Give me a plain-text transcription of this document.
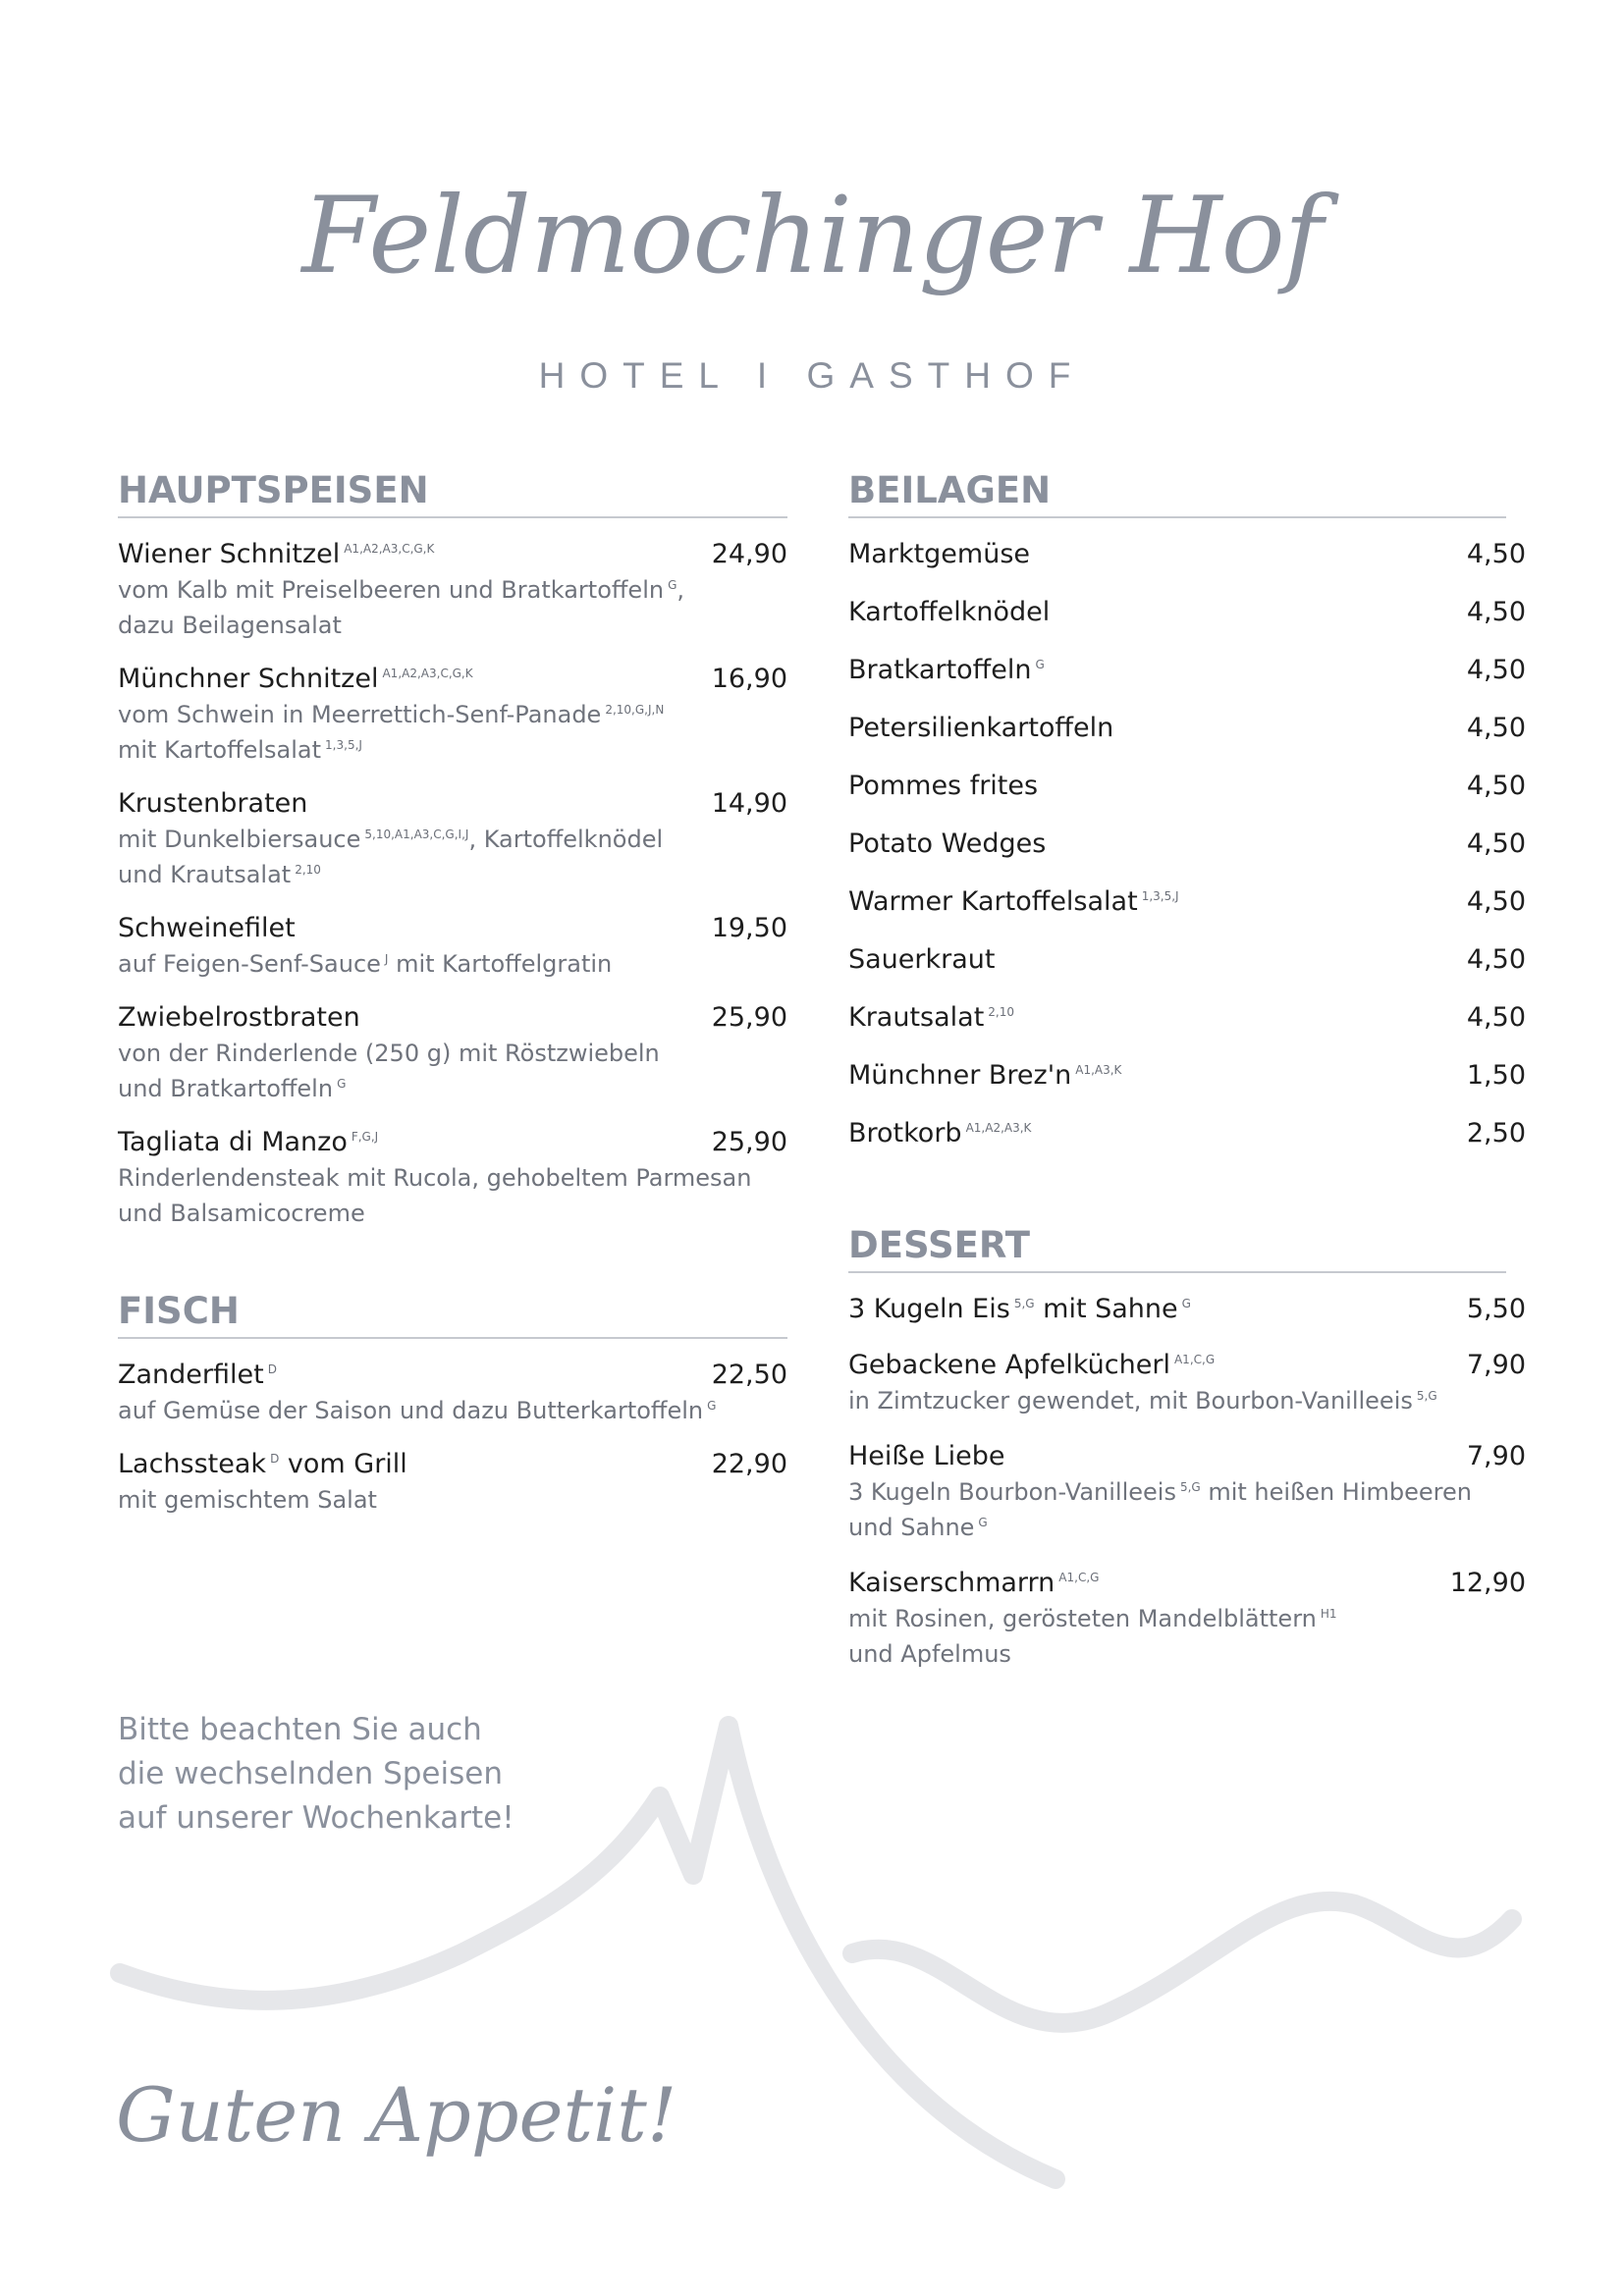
Feldmochinger Hof
HOTEL I GASTHOF
HAUPTSPEISEN
Wiener Schnitzel $^{A1,A2,A3,C,G,K}$	24,90
vom Kalb mit Preiselbeeren und Bratkartoffeln $^G$,
dazu Beilagensalat
Münchner Schnitzel $^{A1,A2,A3,C,G,K}$	16,90
vom Schwein in Meerrettich-Senf-Panade $^{2,10,G,J,N}$
mit Kartoffelsalat $^{1,3,5,J}$
Krustenbraten	14,90
mit Dunkelbiersauce $^{5,10,A1,A3,C,G,I,J}$, Kartoffelknödel
und Krautsalat $^{2,10}$
Schweinefilet	19,50
auf Feigen-Senf-Sauce $^J$ mit Kartoffelgratin
Zwiebelrostbraten	25,90
von der Rinderlende (250 g) mit Röstzwiebeln
und Bratkartoffeln $^G$
Tagliata di Manzo $^{F,G,J}$	25,90
Rinderlendensteak mit Rucola, gehobeltem Parmesan
und Balsamicocreme
FISCH
Zanderfilet $^D$	22,50
auf Gemüse der Saison und dazu Butterkartoffeln $^G$
Lachssteak $^D$ vom Grill	22,90
mit gemischtem Salat
BEILAGEN
Marktgemüse	4,50
Kartoffelknödel	4,50
Bratkartoffeln $^G$	4,50
Petersilienkartoffeln	4,50
Pommes frites	4,50
Potato Wedges	4,50
Warmer Kartoffelsalat $^{1,3,5,J}$	4,50
Sauerkraut	4,50
Krautsalat $^{2,10}$	4,50
Münchner Brez'n $^{A1,A3,K}$	1,50
Brotkorb $^{A1,A2,A3,K}$	2,50
DESSERT
3 Kugeln Eis $^{5,G}$ mit Sahne $^G$	5,50
Gebackene Apfelkücherl $^{A1,C,G}$	7,90
in Zimtzucker gewendet, mit Bourbon-Vanilleeis $^{5,G}$
Heiße Liebe	7,90
3 Kugeln Bourbon-Vanilleeis $^{5,G}$ mit heißen Himbeeren
und Sahne $^G$
Kaiserschmarrn $^{A1,C,G}$	12,90
mit Rosinen, gerösteten Mandelblättern $^{H1}$
und Apfelmus
Bitte beachten Sie auch
die wechselnden Speisen
auf unserer Wochenkarte!
Guten Appetit!
